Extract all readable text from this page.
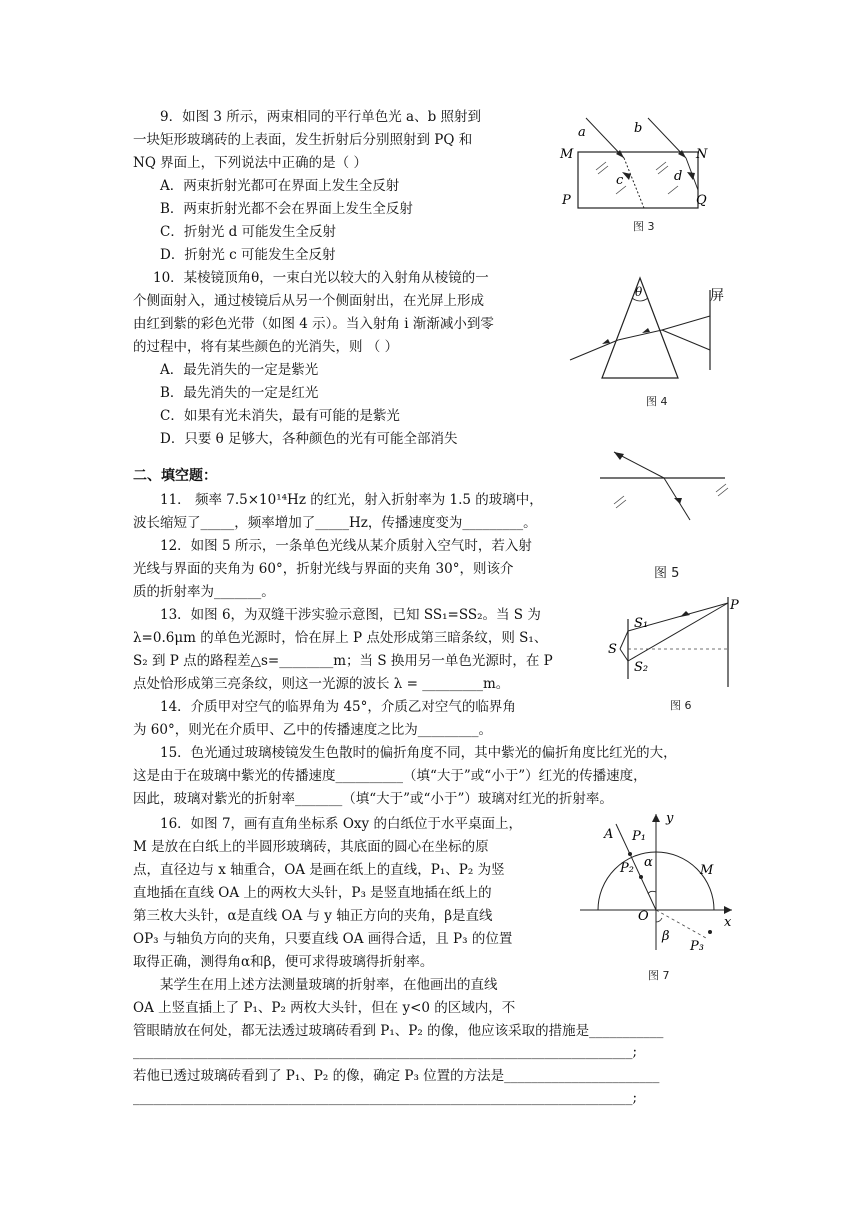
9．如图 3 所示，两束相同的平行单色光 a、b 照射到
一块矩形玻璃砖的上表面，发生折射后分别照射到 PQ 和
NQ 界面上，下列说法中正确的是（ ）
A．两束折射光都可在界面上发生全反射
B．两束折射光都不会在界面上发生全反射
C．折射光 d 可能发生全反射
D．折射光 c 可能发生全反射
10．某棱镜顶角θ，一束白光以较大的入射角从棱镜的一
个侧面射入，通过棱镜后从另一个侧面射出，在光屏上形成
由红到紫的彩色光带（如图 4 示）。当入射角 i 渐渐减小到零
的过程中，将有某些颜色的光消失，则 （ ）
A．最先消失的一定是紫光
B．最先消失的一定是红光
C．如果有光未消失，最有可能的是紫光
D．只要 θ 足够大，各种颜色的光有可能全部消失
二、填空题：
11． 频率 7.5×10¹⁴Hz 的红光，射入折射率为 1.5 的玻璃中，
波长缩短了_____，频率增加了_____Hz，传播速度变为_________。
12．如图 5 所示，一条单色光线从某介质射入空气时，若入射
光线与界面的夹角为 60°，折射光线与界面的夹角 30°，则该介
质的折射率为_______。
13．如图 6，为双缝干涉实验示意图，已知 SS₁=SS₂。当 S 为
λ=0.6μm 的单色光源时，恰在屏上 P 点处形成第三暗条纹，则 S₁、
S₂ 到 P 点的路程差△s=________m；当 S 换用另一单色光源时，在 P
点处恰形成第三亮条纹，则这一光源的波长 λ = _________m。
14．介质甲对空气的临界角为 45°，介质乙对空气的临界角
为 60°，则光在介质甲、乙中的传播速度之比为_________。
15．色光通过玻璃棱镜发生色散时的偏折角度不同，其中紫光的偏折角度比红光的大，
这是由于在玻璃中紫光的传播速度__________（填“大于”或“小于”）红光的传播速度，
因此，玻璃对紫光的折射率_______（填“大于”或“小于”）玻璃对红光的折射率。
16．如图 7，画有直角坐标系 Oxy 的白纸位于水平桌面上，
M 是放在白纸上的半圆形玻璃砖，其底面的圆心在坐标的原
点，直径边与 x 轴重合，OA 是画在纸上的直线，P₁、P₂ 为竖
直地插在直线 OA 上的两枚大头针，P₃ 是竖直地插在纸上的
第三枚大头针，α是直线 OA 与 y 轴正方向的夹角，β是直线
OP₃ 与轴负方向的夹角，只要直线 OA 画得合适，且 P₃ 的位置
取得正确，测得角α和β，便可求得玻璃得折射率。
某学生在用上述方法测量玻璃的折射率，在他画出的直线
OA 上竖直插上了 P₁、P₂ 两枚大头针，但在 y<0 的区域内，不
管眼睛放在何处，都无法透过玻璃砖看到 P₁、P₂ 的像，他应该采取的措施是___________
__________________________________________________________________________;
若他已透过玻璃砖看到了 P₁、P₂ 的像，确定 P₃ 位置的方法是_______________________
__________________________________________________________________________;
a	b
M	N
P	Q
c	d
图 3
θ	屏
图 4
图 5
S
S₁
S₂
P
图 6
A P₁
P₂ α
y
M
O	x
β
P₃
图 7
